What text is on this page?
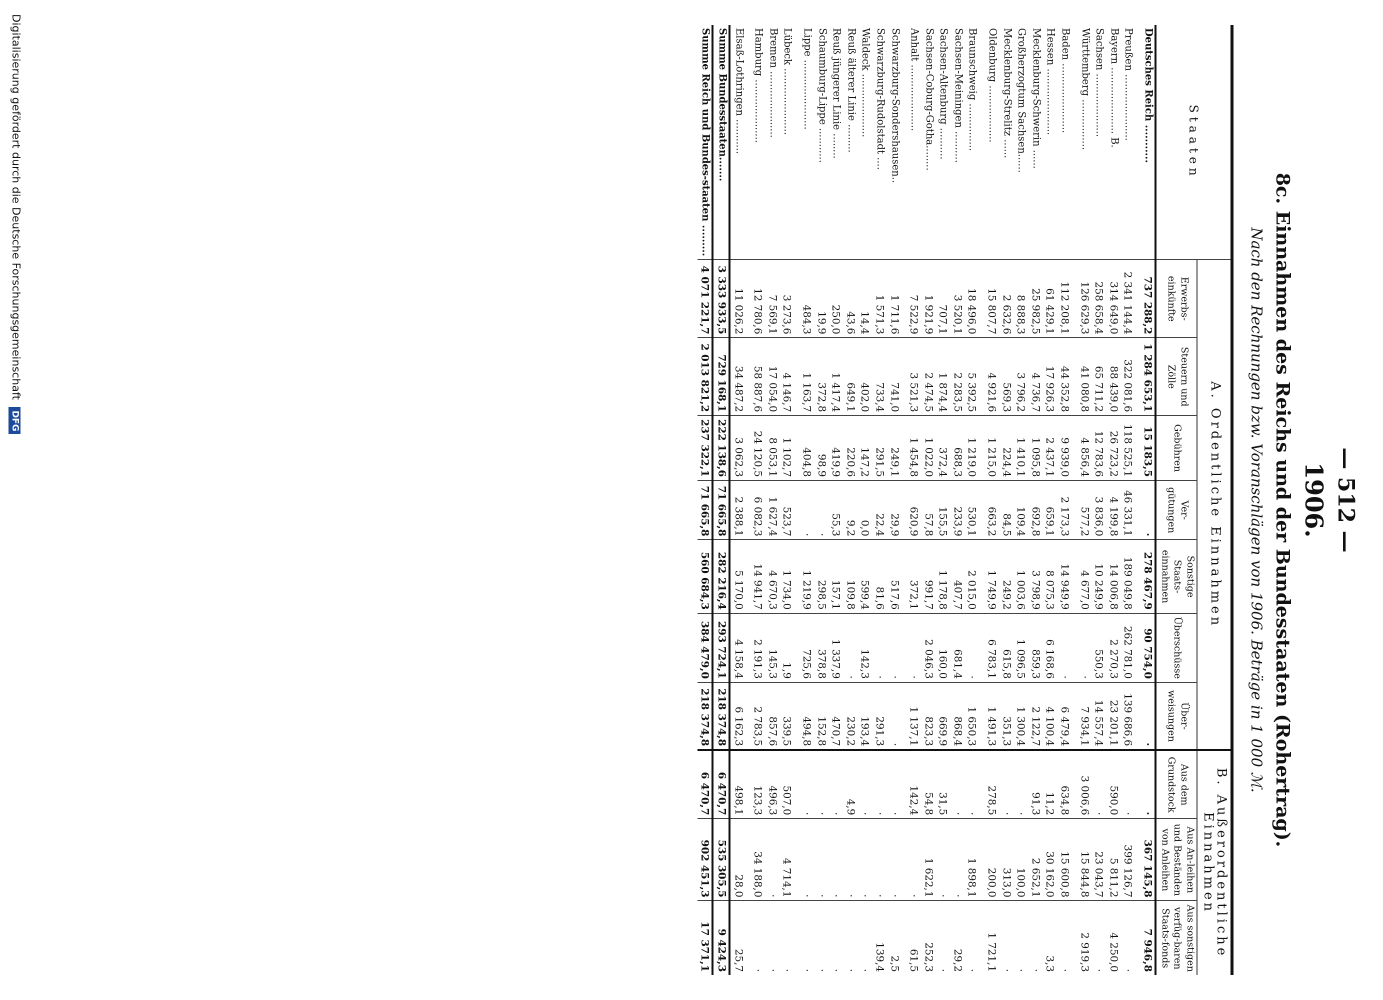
— 512 —
1906.
8c. Einnahmen des Reichs und der Bundesstaaten (Rohertrag).
Nach den Rechnungen bzw. Voranschlägen von 1906. Beträge in 1 000 ℳ.
Staaten	A. Ordentliche Einnahmen							B. Außerordentliche Einnahmen		
	Erwerbs-einkünfte	Steuern und Zölle	Gebühren	Ver-gütungen	Sonstige Staats-einnahmen	Überschüsse	Über-weisungen	Aus dem Grundstock	Aus An-leihen und Beständen von Anleihen	Aus sonstigen verfüg-baren Staats-fonds
Deutsches Reich ...........	737 288,2	1 284 653,1	15 183,5	·	278 467,9	90 754,0	·	·	367 145,8	7 946,8
Preußen .....................	2 341 144,4	322 081,6	118 525,1	46 331,1	189 049,8	262 781,0	139 686,6	·	399 126,7	·
Bayern ..................... B.	314 649,0	88 439,0	26 723,2	4 199,8	14 006,8	2 270,3	23 201,1	590,0	5 811,2	4 250,0
Sachsen ....................	258 658,4	65 711,2	12 783,6	3 836,0	10 249,9	550,3	14 557,4	·	23 043,7	·
Württemberg ................	126 629,3	41 080,8	4 856,4	577,2	4 677,0	·	7 934,1	3 006,6	15 844,8	2 919,3
Baden ......................	112 208,1	44 352,8	9 939,0	2 173,3	14 949,9	·	6 479,4	634,8	15 600,8	·
Hessen .....................	61 429,1	17 926,3	2 437,1	659,1	8 075,3	6 168,6	4 100,4	11,2	30 162,0	3,3
Mecklenburg-Schwerin ......	25 982,5	4 736,7	1 095,8	692,8	3 798,9	859,3	2 122,7	91,3	2 652,1	·
Großherzogtum Sachsen......	8 888,3	3 796,2	1 410,1	109,4	1 003,6	1 096,5	1 300,4	·	100,0	·
Mecklenburg-Strelitz ......	2 632,6	569,3	224,4	84,5	249,2	615,8	351,3	·	313,0	·
Oldenburg ..................	15 807,7	4 921,6	1 215,0	663,2	1 749,9	6 783,1	1 491,3	278,5	200,0	1 721,1
Braunschweig ...............	18 496,0	5 392,5	1 219,0	530,1	2 015,0	·	1 650,3	·	1 898,1	·
Sachsen-Meiningen ..........	3 520,1	2 283,5	688,3	233,9	407,7	681,4	868,4	·	·	29,2
Sachsen-Altenburg ..........	707,1	1 874,4	372,4	155,5	1 178,8	160,0	669,9	31,5	·	·
Sachsen-Coburg-Gotha........	1 921,9	2 474,5	1 022,0	57,8	991,7	2 046,3	823,3	54,8	1 622,1	252,3
Anhalt .....................	7 522,9	3 521,3	1 454,8	620,9	372,1	·	1 137,1	142,4	·	61,5
Schwarzburg-Sondershausen..	1 711,6	741,0	249,1	29,9	517,6	·	·	·	·	2,5
Schwarzburg-Rudolstadt ....	1 571,3	733,4	291,5	22,4	81,6	·	291,3	·	·	139,4
Waldeck ....................	14,4	402,0	147,2	0,0	599,4	142,3	193,4	·	·	·
Reuß älterer Linie .........	43,6	649,1	220,6	9,2	109,8	·	230,2	4,9	·	·
Reuß jüngerer Linie ........	250,0	1 417,4	419,9	55,3	157,1	1 337,9	470,7	·	·	·
Schaumburg-Lippe ...........	19,9	372,8	98,9	·	298,5	378,8	152,8	·	·	·
Lippe ......................	484,3	1 163,7	404,8	·	1 219,9	725,6	494,8	·	·	·
Lübeck .....................	3 273,6	4 146,7	1 102,7	523,7	1 734,0	1,9	339,5	507,0	4 714,1	·
Bremen .....................	7 569,1	17 054,0	8 053,1	1 627,4	4 670,3	145,3	857,6	496,3	·	·
Hamburg ....................	12 780,6	58 887,6	24 120,5	6 082,3	14 941,7	2 191,3	2 783,5	123,3	34 188,0	·
Elsaß-Lothringen ...........	11 026,2	34 487,2	3 062,3	2 388,1	5 170,0	4 158,4	6 162,3	498,1	28,0	25,7
Summe Bundesstaaten.......	3 333 933,5	729 168,1	222 138,6	71 665,8	282 216,4	293 724,1	218 374,8	6 470,7	535 305,5	9 424,3
Summe Reich und Bundes-staaten .........	4 071 221,7	2 013 821,2	237 322,1	71 665,8	560 684,3	384 479,0	218 374,8	6 470,7	902 451,3	17 371,1
Digitalisierung gefördert durch die Deutsche Forschungsgemeinschaft DFG
